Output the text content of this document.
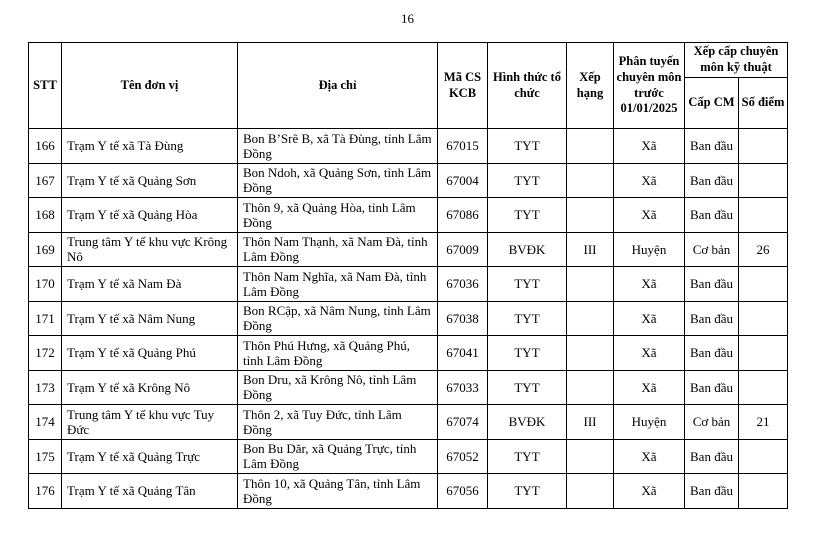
16
STT	Tên đơn vị	Địa chỉ	Mã CS KCB	Hình thức tổ chức	Xếp hạng	Phân tuyến chuyên môn trước 01/01/2025	Xếp cấp chuyên môn kỹ thuật	
							Cấp CM	Số điểm
166	Trạm Y tế xã Tà Đùng	Bon B’Srê B, xã Tà Đùng, tỉnh Lâm Đồng	67015	TYT		Xã	Ban đầu	
167	Trạm Y tế xã Quảng Sơn	Bon Ndoh, xã Quảng Sơn, tỉnh Lâm Đồng	67004	TYT		Xã	Ban đầu	
168	Trạm Y tế xã Quảng Hòa	Thôn 9, xã Quảng Hòa, tỉnh Lâm Đồng	67086	TYT		Xã	Ban đầu	
169	Trung tâm Y tế khu vực Krông Nô	Thôn Nam Thạnh, xã Nam Đà, tỉnh Lâm Đồng	67009	BVĐK	III	Huyện	Cơ bản	26
170	Trạm Y tế xã Nam Đà	Thôn Nam Nghĩa, xã Nam Đà, tỉnh Lâm Đồng	67036	TYT		Xã	Ban đầu	
171	Trạm Y tế xã Nâm Nung	Bon RCập, xã Nâm Nung, tỉnh Lâm Đồng	67038	TYT		Xã	Ban đầu	
172	Trạm Y tế xã Quảng Phú	Thôn Phú Hưng, xã Quảng Phú, tỉnh Lâm Đồng	67041	TYT		Xã	Ban đầu	
173	Trạm Y tế xã Krông Nô	Bon Dru, xã Krông Nô, tỉnh Lâm Đồng	67033	TYT		Xã	Ban đầu	
174	Trung tâm Y tế khu vực Tuy Đức	Thôn 2, xã Tuy Đức, tỉnh Lâm Đồng	67074	BVĐK	III	Huyện	Cơ bản	21
175	Trạm Y tế xã Quảng Trực	Bon Bu Dăr, xã Quảng Trực, tỉnh Lâm Đồng	67052	TYT		Xã	Ban đầu	
176	Trạm Y tế xã Quảng Tân	Thôn 10, xã Quảng Tân, tỉnh Lâm Đồng	67056	TYT		Xã	Ban đầu	
